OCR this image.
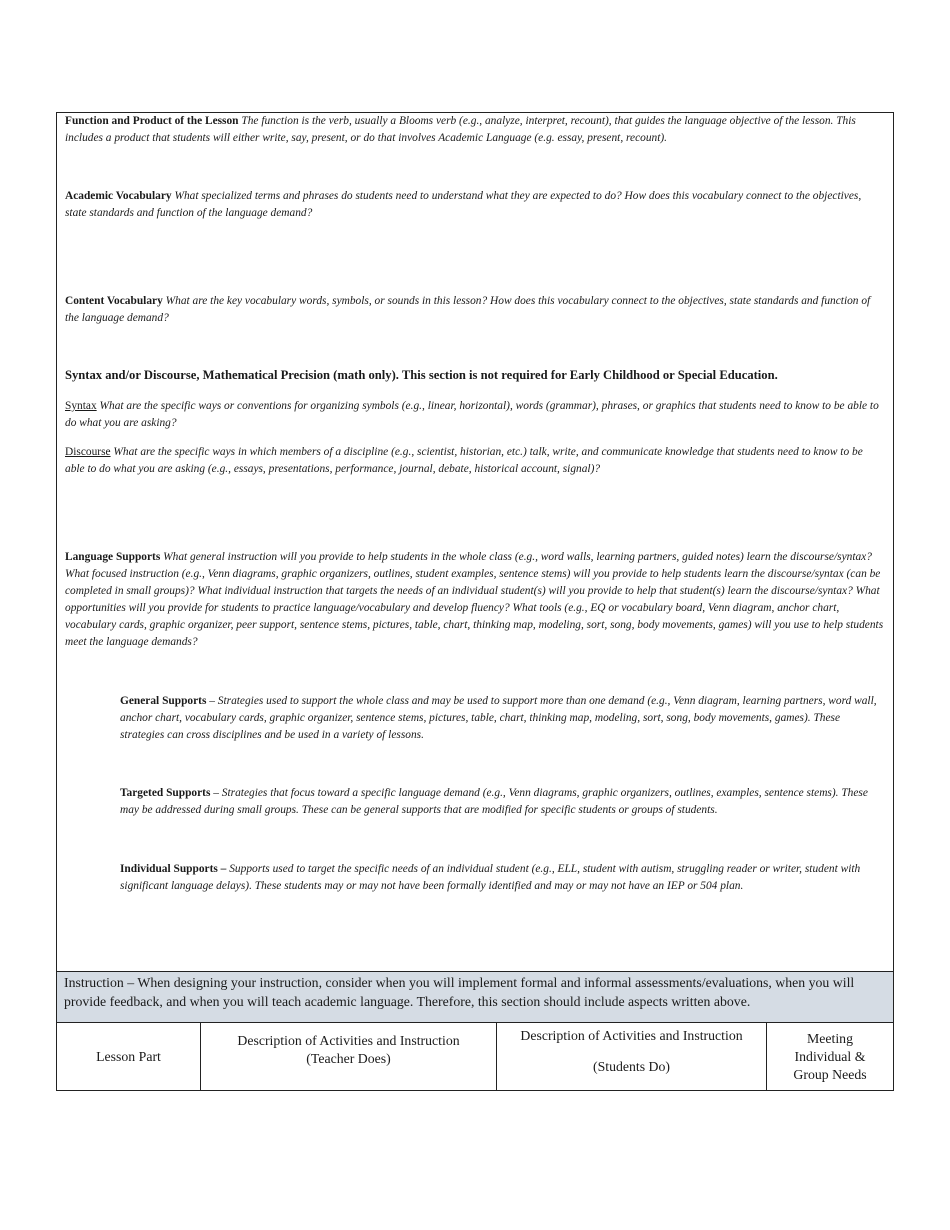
Function and Product of the Lesson The function is the verb, usually a Blooms verb (e.g., analyze, interpret, recount), that guides the language objective of the lesson. This includes a product that students will either write, say, present, or do that involves Academic Language (e.g. essay, present, recount).
Academic Vocabulary What specialized terms and phrases do students need to understand what they are expected to do? How does this vocabulary connect to the objectives, state standards and function of the language demand?
Content Vocabulary What are the key vocabulary words, symbols, or sounds in this lesson? How does this vocabulary connect to the objectives, state standards and function of the language demand?
Syntax and/or Discourse, Mathematical Precision (math only). This section is not required for Early Childhood or Special Education.
Syntax What are the specific ways or conventions for organizing symbols (e.g., linear, horizontal), words (grammar), phrases, or graphics that students need to know to be able to do what you are asking?
Discourse What are the specific ways in which members of a discipline (e.g., scientist, historian, etc.) talk, write, and communicate knowledge that students need to know to be able to do what you are asking (e.g., essays, presentations, performance, journal, debate, historical account, signal)?
Language Supports What general instruction will you provide to help students in the whole class (e.g., word walls, learning partners, guided notes) learn the discourse/syntax? What focused instruction (e.g., Venn diagrams, graphic organizers, outlines, student examples, sentence stems) will you provide to help students learn the discourse/syntax (can be completed in small groups)? What individual instruction that targets the needs of an individual student(s) will you provide to help that student(s) learn the discourse/syntax? What opportunities will you provide for students to practice language/vocabulary and develop fluency? What tools (e.g., EQ or vocabulary board, Venn diagram, anchor chart, vocabulary cards, graphic organizer, peer support, sentence stems, pictures, table, chart, thinking map, modeling, sort, song, body movements, games) will you use to help students meet the language demands?
General Supports – Strategies used to support the whole class and may be used to support more than one demand (e.g., Venn diagram, learning partners, word wall, anchor chart, vocabulary cards, graphic organizer, sentence stems, pictures, table, chart, thinking map, modeling, sort, song, body movements, games). These strategies can cross disciplines and be used in a variety of lessons.
Targeted Supports – Strategies that focus toward a specific language demand (e.g., Venn diagrams, graphic organizers, outlines, examples, sentence stems). These may be addressed during small groups. These can be general supports that are modified for specific students or groups of students.
Individual Supports – Supports used to target the specific needs of an individual student (e.g., ELL, student with autism, struggling reader or writer, student with significant language delays). These students may or may not have been formally identified and may or may not have an IEP or 504 plan.
Instruction – When designing your instruction, consider when you will implement formal and informal assessments/evaluations, when you will provide feedback, and when you will teach academic language. Therefore, this section should include aspects written above.
Lesson Part
Description of Activities and Instruction
(Teacher Does)
Description of Activities and Instruction
(Students Do)
Meeting Individual & Group Needs
